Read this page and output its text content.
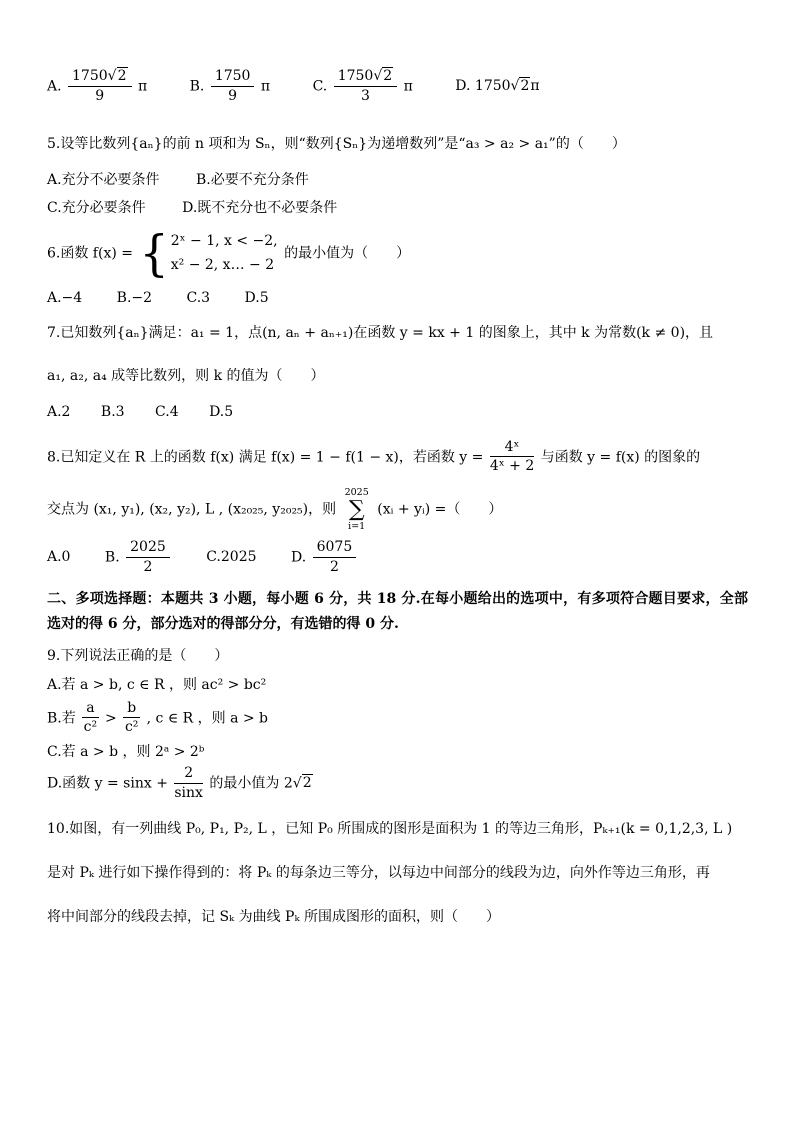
A. $\frac{1750√2}{9}$ π	B. $\frac{1750}{9}$ π	C. $\frac{1750√2}{3}$ π	D. 1750√2π
5.设等比数列{aₙ}的前 n 项和为 Sₙ，则“数列{Sₙ}为递增数列”是“a₃ > a₂ > a₁”的（　　）
A.充分不必要条件	B.必要不充分条件
C.充分必要条件	D.既不充分也不必要条件
6.函数 f(x) = { 2ˣ − 1, x < −2,
x² − 2, x… − 2
的最小值为（　　）
A.−4 B.−2 C.3 D.5
7.已知数列{aₙ}满足：a₁ = 1，点(n, aₙ + aₙ₊₁)在函数 y = kx + 1 的图象上，其中 k 为常数(k ≠ 0)，且
a₁, a₂, a₄ 成等比数列，则 k 的值为（　　）
A.2 B.3 C.4 D.5
8.已知定义在 R 上的函数 f(x) 满足 f(x) = 1 − f(1 − x)，若函数 $y = \frac{\text{4ˣ}}{\text{4ˣ + 2}}$ 与函数 y = f(x) 的图象的
交点为 (x₁, y₁), (x₂, y₂), L , (x₂₀₂₅, y₂₀₂₅)，则
2025
∑
i=1
(xᵢ + yᵢ) =（　　）
A.0 B. $\frac{2025}{2}$	C.2025 D. $\frac{6075}{2}$
二、多项选择题：本题共 3 小题，每小题 6 分，共 18 分.在每小题给出的选项中，有多项符合题目要求，全部选对的得 6 分，部分选对的得部分分，有选错的得 0 分.
9.下列说法正确的是（　　）
A.若 a > b, c ∈ R ，则 ac² > bc²
B.若 $\frac{a}{\text{c²}} > \frac{b}{\text{c²}}$ , c ∈ R ，则 a > b
C.若 a > b ，则 2ᵃ > 2ᵇ
D.函数 $y = \sin x + \frac{2}{\sin x}$ 的最小值为 2√2
10.如图，有一列曲线 P₀, P₁, P₂, L ，已知 P₀ 所围成的图形是面积为 1 的等边三角形，Pₖ₊₁(k = 0,1,2,3, L )
是对 Pₖ 进行如下操作得到的：将 Pₖ 的每条边三等分，以每边中间部分的线段为边，向外作等边三角形，再
将中间部分的线段去掉，记 Sₖ 为曲线 Pₖ 所围成图形的面积，则（　　）
